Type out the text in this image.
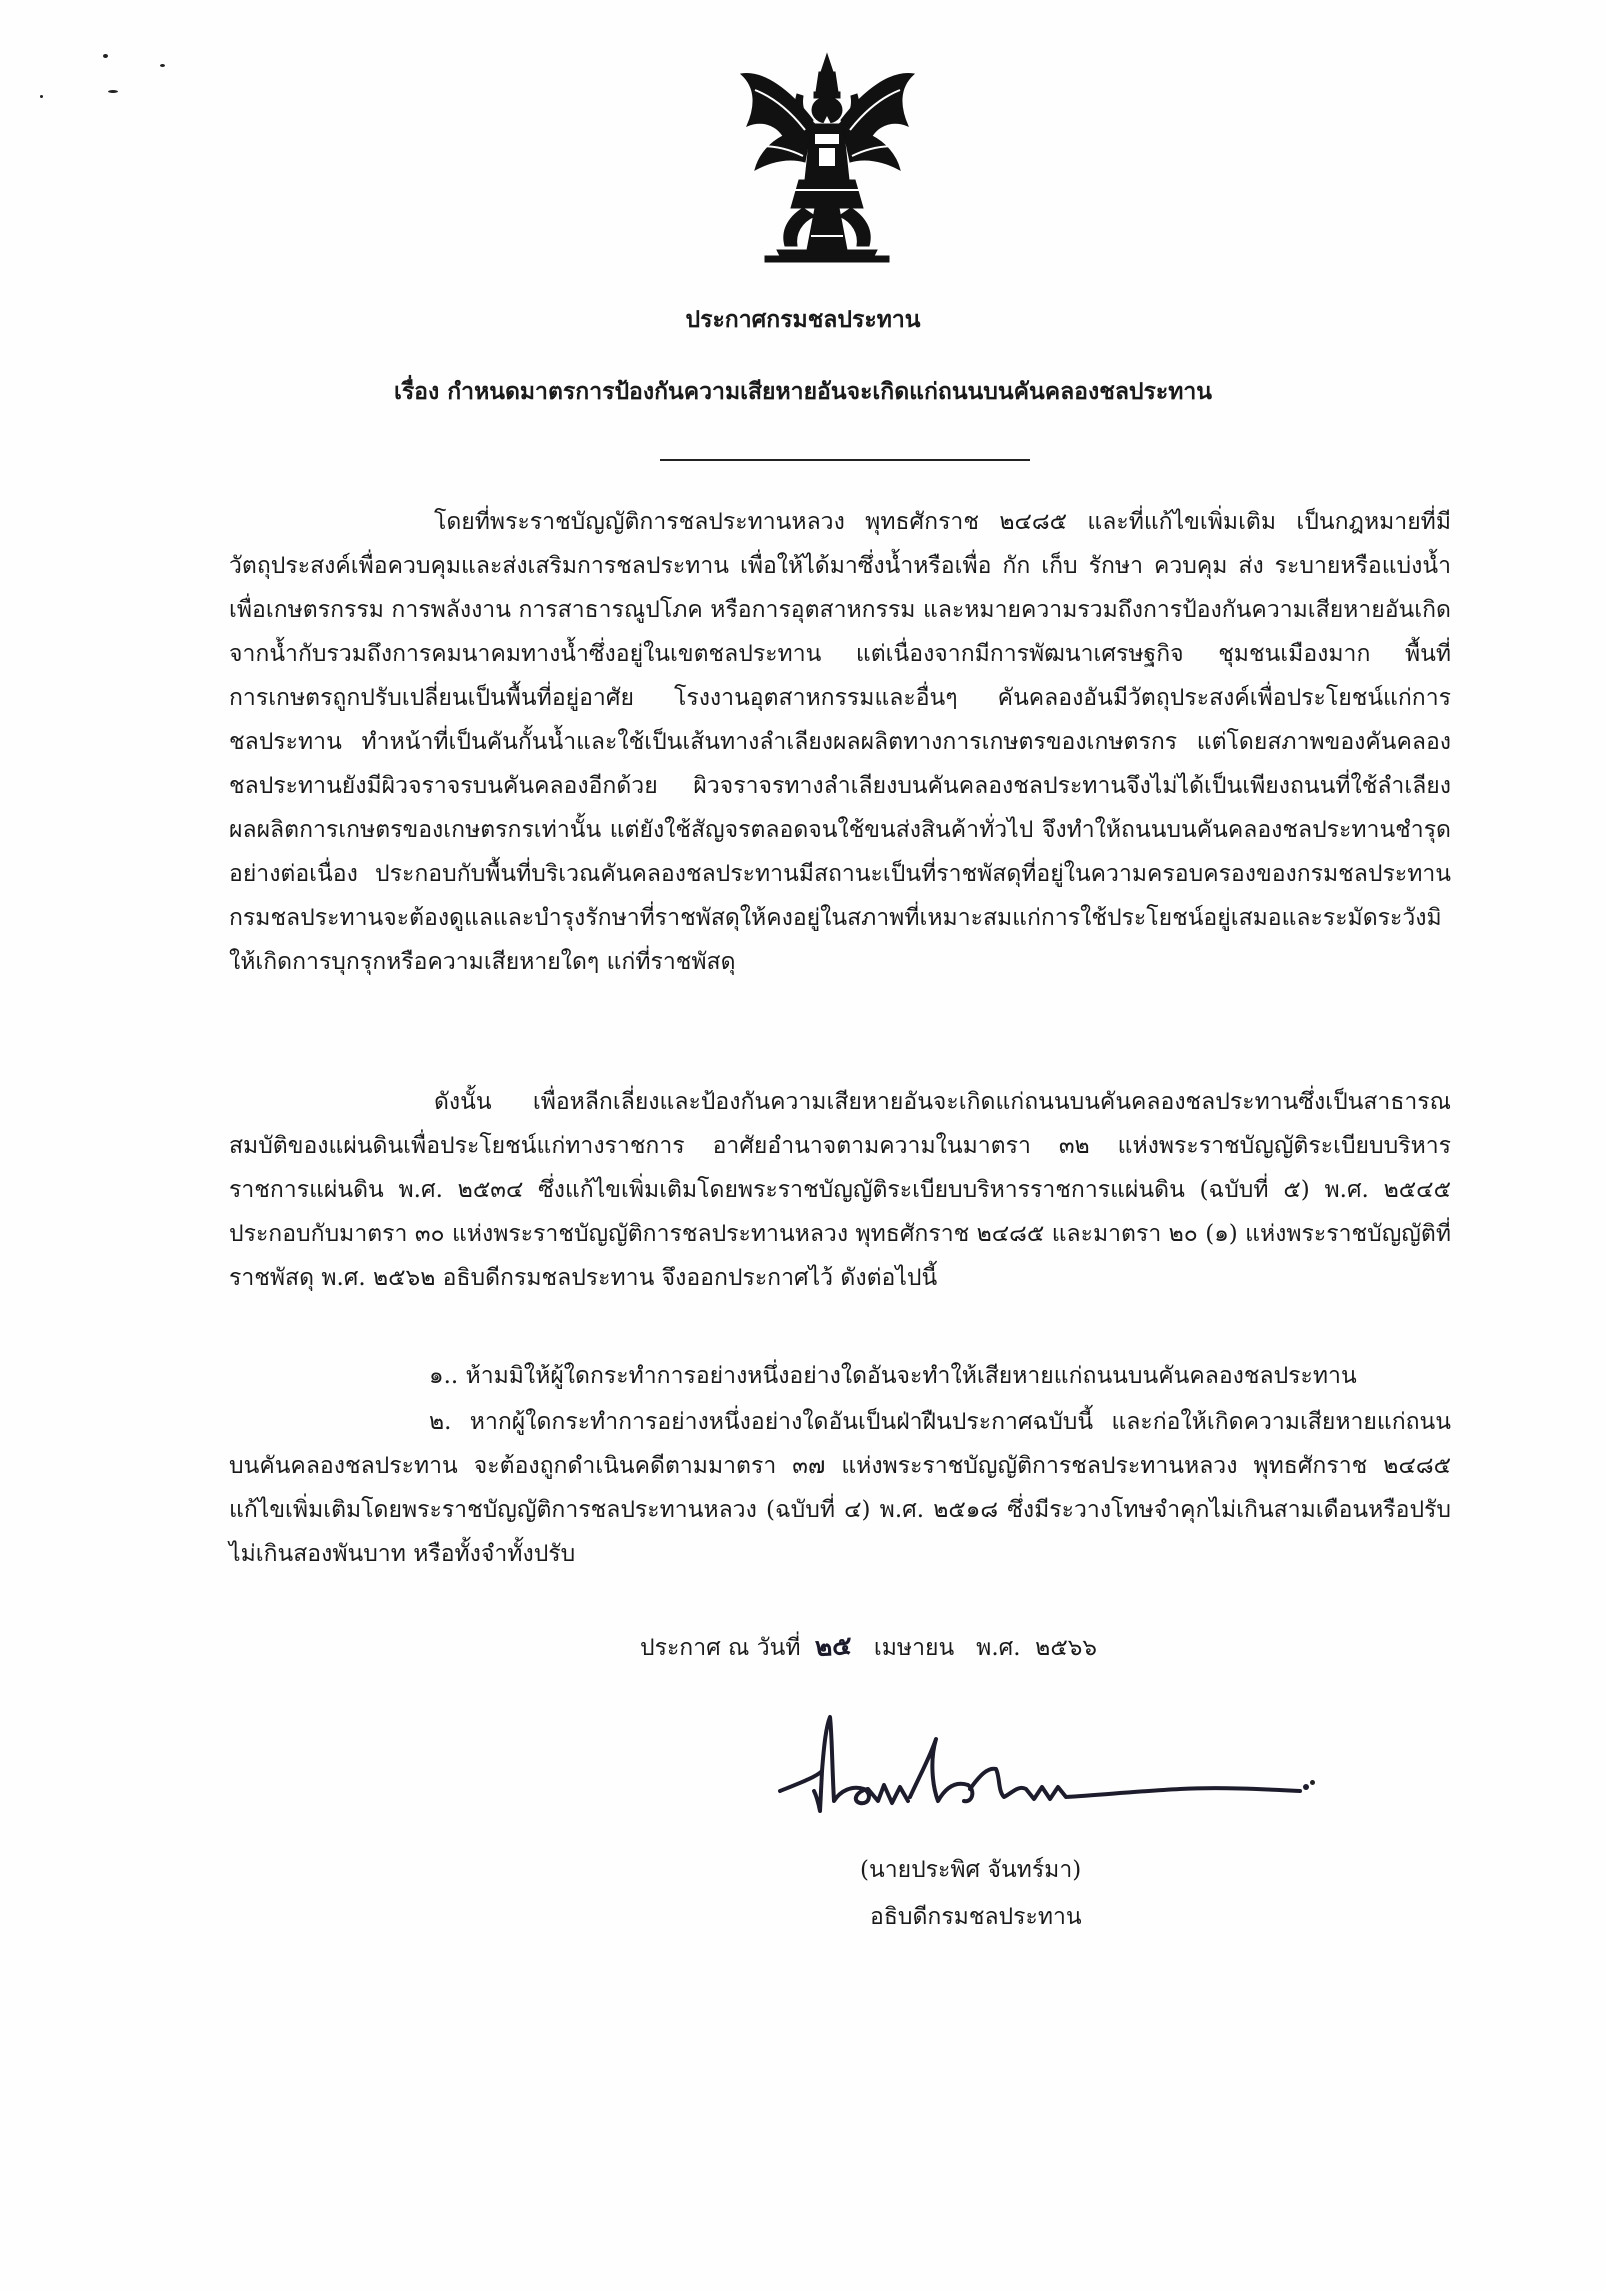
ประกาศกรมชลประทาน
เรื่อง กำหนดมาตรการป้องกันความเสียหายอันจะเกิดแก่ถนนบนคันคลองชลประทาน

โดยที่พระราชบัญญัติการชลประทานหลวง พุทธศักราช ๒๔๘๕ และที่แก้ไขเพิ่มเติม เป็นกฎหมายที่มีวัตถุประสงค์เพื่อควบคุมและส่งเสริมการชลประทาน เพื่อให้ได้มาซึ่งน้ำหรือเพื่อ กัก เก็บ รักษา ควบคุม ส่ง ระบายหรือแบ่งน้ำเพื่อเกษตรกรรม การพลังงาน การสาธารณูปโภค หรือการอุตสาหกรรม และหมายความรวมถึงการป้องกันความเสียหายอันเกิดจากน้ำกับรวมถึงการคมนาคมทางน้ำซึ่งอยู่ในเขตชลประทาน แต่เนื่องจากมีการพัฒนาเศรษฐกิจ ชุมชนเมืองมาก พื้นที่การเกษตรถูกปรับเปลี่ยนเป็นพื้นที่อยู่อาศัย โรงงานอุตสาหกรรมและอื่นๆ คันคลองอันมีวัตถุประสงค์เพื่อประโยชน์แก่การชลประทาน ทำหน้าที่เป็นคันกั้นน้ำและใช้เป็นเส้นทางลำเลียงผลผลิตทางการเกษตรของเกษตรกร แต่โดยสภาพของคันคลองชลประทานยังมีผิวจราจรบนคันคลองอีกด้วย ผิวจราจรทางลำเลียงบนคันคลองชลประทานจึงไม่ได้เป็นเพียงถนนที่ใช้ลำเลียงผลผลิตการเกษตรของเกษตรกรเท่านั้น แต่ยังใช้สัญจรตลอดจนใช้ขนส่งสินค้าทั่วไป จึงทำให้ถนนบนคันคลองชลประทานชำรุดอย่างต่อเนื่อง ประกอบกับพื้นที่บริเวณคันคลองชลประทานมีสถานะเป็นที่ราชพัสดุที่อยู่ในความครอบครองของกรมชลประทาน กรมชลประทานจะต้องดูแลและบำรุงรักษาที่ราชพัสดุให้คงอยู่ในสภาพที่เหมาะสมแก่การใช้ประโยชน์อยู่เสมอและระมัดระวังมิให้เกิดการบุกรุกหรือความเสียหายใดๆ แก่ที่ราชพัสดุ

ดังนั้น เพื่อหลีกเลี่ยงและป้องกันความเสียหายอันจะเกิดแก่ถนนบนคันคลองชลประทานซึ่งเป็นสาธารณสมบัติของแผ่นดินเพื่อประโยชน์แก่ทางราชการ อาศัยอำนาจตามความในมาตรา ๓๒ แห่งพระราชบัญญัติระเบียบบริหารราชการแผ่นดิน พ.ศ. ๒๕๓๔ ซึ่งแก้ไขเพิ่มเติมโดยพระราชบัญญัติระเบียบบริหารราชการแผ่นดิน (ฉบับที่ ๕) พ.ศ. ๒๕๔๕ ประกอบกับมาตรา ๓๐ แห่งพระราชบัญญัติการชลประทานหลวง พุทธศักราช ๒๔๘๕ และมาตรา ๒๐ (๑) แห่งพระราชบัญญัติที่ราชพัสดุ พ.ศ. ๒๕๖๒ อธิบดีกรมชลประทาน จึงออกประกาศไว้ ดังต่อไปนี้

๑.. ห้ามมิให้ผู้ใดกระทำการอย่างหนึ่งอย่างใดอันจะทำให้เสียหายแก่ถนนบนคันคลองชลประทาน

๒. หากผู้ใดกระทำการอย่างหนึ่งอย่างใดอันเป็นฝ่าฝืนประกาศฉบับนี้ และก่อให้เกิดความเสียหายแก่ถนนบนคันคลองชลประทาน จะต้องถูกดำเนินคดีตามมาตรา ๓๗ แห่งพระราชบัญญัติการชลประทานหลวง พุทธศักราช ๒๔๘๕ แก้ไขเพิ่มเติมโดยพระราชบัญญัติการชลประทานหลวง (ฉบับที่ ๔) พ.ศ. ๒๕๑๘ ซึ่งมีระวางโทษจำคุกไม่เกินสามเดือนหรือปรับไม่เกินสองพันบาท หรือทั้งจำทั้งปรับ

ประกาศ ณ วันที่ ๒๕ เมษายน พ.ศ. ๒๕๖๖
(นายประพิศ จันทร์มา)
อธิบดีกรมชลประทาน
